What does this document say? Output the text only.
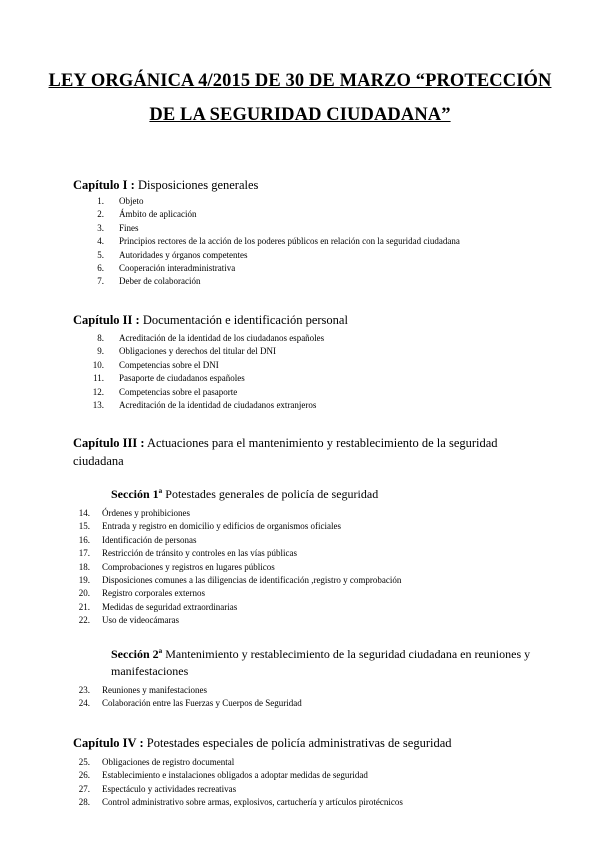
LEY ORGÁNICA 4/2015 DE 30 DE MARZO “PROTECCIÓN
DE LA SEGURIDAD CIUDADANA”
Capítulo I : Disposiciones generales
1.	Objeto
2.	Ámbito de aplicación
3.	Fines
4.	Principios rectores de la acción de los poderes públicos en relación con la seguridad ciudadana
5.	Autoridades y órganos competentes
6.	Cooperación interadministrativa
7.	Deber de colaboración
Capítulo II : Documentación e identificación personal
8.	Acreditación de la identidad de los ciudadanos españoles
9.	Obligaciones y derechos del titular del DNI
10.	Competencias sobre el DNI
11.	Pasaporte de ciudadanos españoles
12.	Competencias sobre el pasaporte
13.	Acreditación de la identidad de ciudadanos extranjeros
Capítulo III : Actuaciones para el mantenimiento y restablecimiento de la seguridad ciudadana
Sección 1ª Potestades generales de policía de seguridad
14.	Órdenes y prohibiciones
15.	Entrada y registro en domicilio y edificios de organismos oficiales
16.	Identificación de personas
17.	Restricción de tránsito y controles en las vías públicas
18.	Comprobaciones y registros en lugares públicos
19.	Disposiciones comunes a las diligencias de identificación ,registro y comprobación
20.	Registro corporales externos
21.	Medidas de seguridad extraordinarias
22.	Uso de videocámaras
Sección 2ª Mantenimiento y restablecimiento de la seguridad ciudadana en reuniones y manifestaciones
23.	Reuniones y manifestaciones
24.	Colaboración entre las Fuerzas y Cuerpos de Seguridad
Capítulo IV : Potestades especiales de policía administrativas de seguridad
25.	Obligaciones de registro documental
26.	Establecimiento e instalaciones obligados a adoptar medidas de seguridad
27.	Espectáculo y actividades recreativas
28.	Control administrativo sobre armas, explosivos, cartuchería y artículos pirotécnicos
